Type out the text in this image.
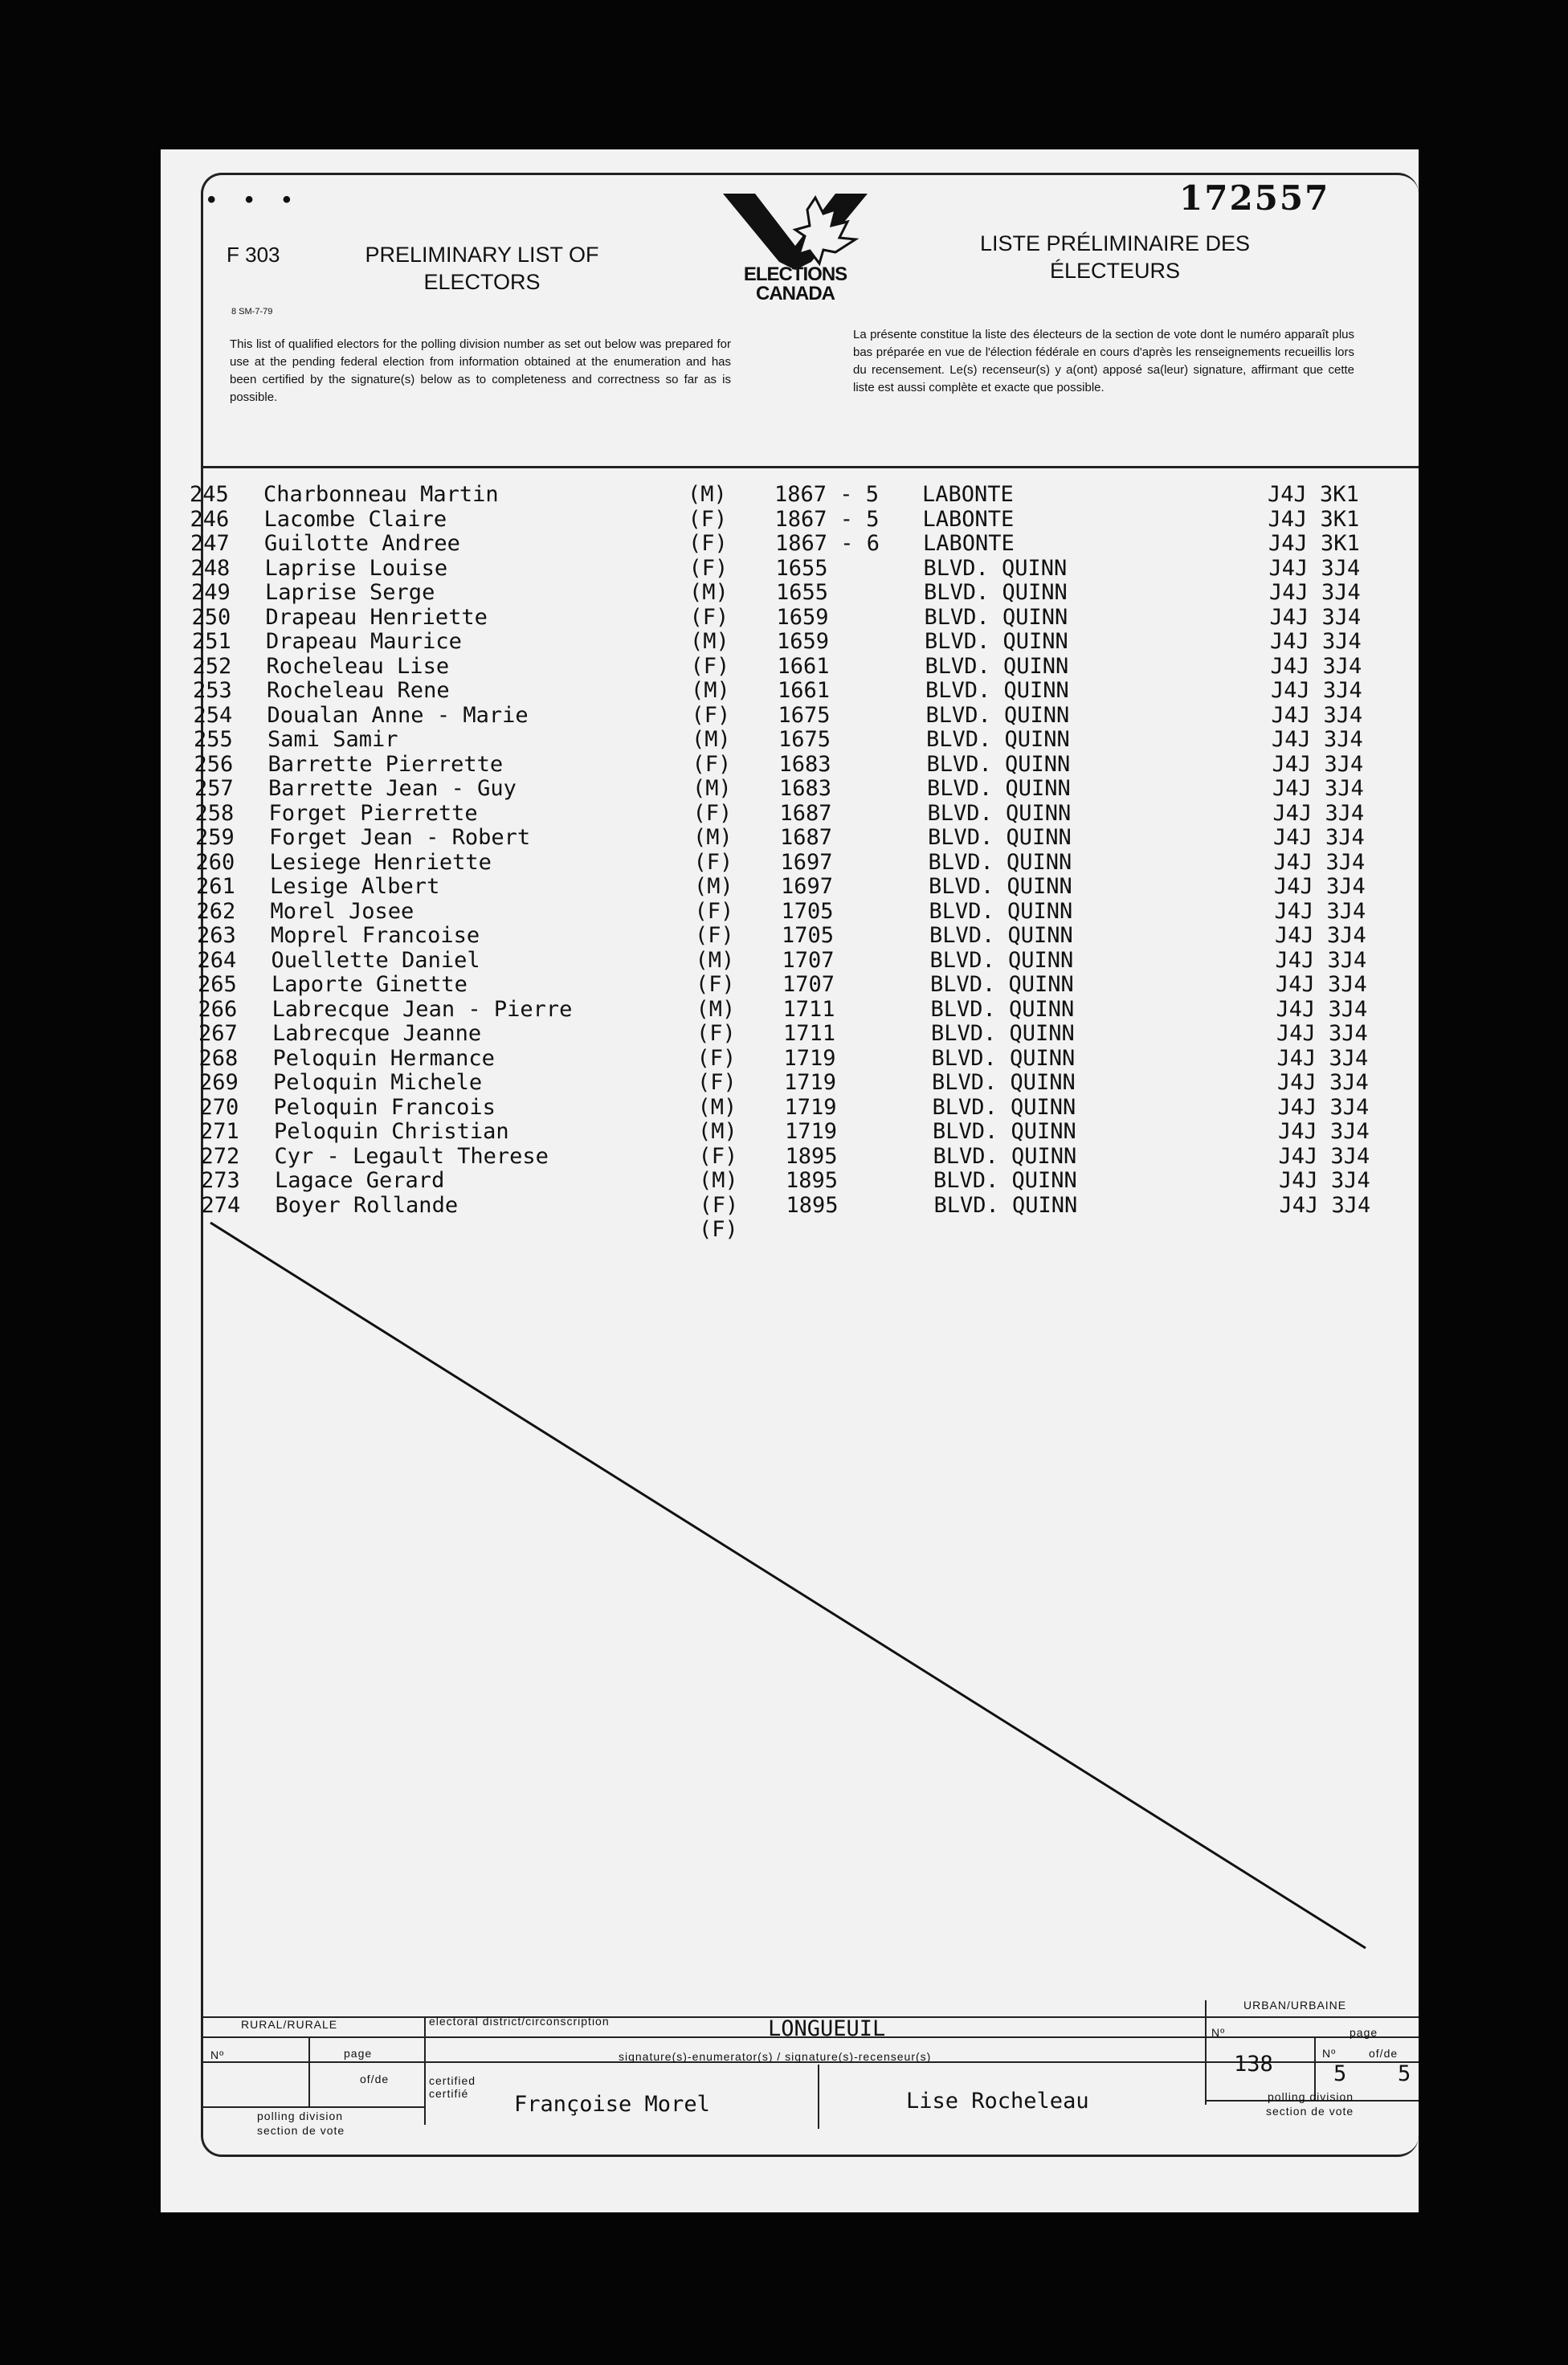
• • •	172557
F 303
8 SM-7-79
PRELIMINARY LIST OF
ELECTORS
LISTE PRÉLIMINAIRE DES
ÉLECTEURS
ELECTIONS
CANADA
This list of qualified electors for the polling division number as set out below was prepared for use at the pending federal election from information obtained at the enumeration and has been certified by the signature(s) below as to completeness and correctness so far as is possible.
La présente constitue la liste des électeurs de la section de vote dont le numéro apparaît plus bas préparée en vue de l'élection fédérale en cours d'après les renseignements recueillis lors du recensement. Le(s) recenseur(s) y a(ont) apposé sa(leur) signature, affirmant que cette liste est aussi complète et exacte que possible.
245 Charbonneau Martin	(M) 1867 - 5 LABONTE	J4J 3K1
246 Lacombe Claire	(F) 1867 - 5 LABONTE	J4J 3K1
247 Guilotte Andree	(F) 1867 - 6 LABONTE	J4J 3K1
248 Laprise Louise	(F) 1655	BLVD. QUINN	J4J 3J4
249 Laprise Serge	(M) 1655	BLVD. QUINN	J4J 3J4
250 Drapeau Henriette	(F) 1659	BLVD. QUINN	J4J 3J4
251 Drapeau Maurice	(M) 1659	BLVD. QUINN	J4J 3J4
252 Rocheleau Lise	(F) 1661	BLVD. QUINN	J4J 3J4
253 Rocheleau Rene	(M) 1661	BLVD. QUINN	J4J 3J4
254 Doualan Anne - Marie	(F) 1675	BLVD. QUINN	J4J 3J4
255 Sami Samir	(M) 1675	BLVD. QUINN	J4J 3J4
256 Barrette Pierrette	(F) 1683	BLVD. QUINN	J4J 3J4
257 Barrette Jean - Guy	(M) 1683	BLVD. QUINN	J4J 3J4
258 Forget Pierrette	(F) 1687	BLVD. QUINN	J4J 3J4
259 Forget Jean - Robert	(M) 1687	BLVD. QUINN	J4J 3J4
260 Lesiege Henriette	(F) 1697	BLVD. QUINN	J4J 3J4
261 Lesige Albert	(M) 1697	BLVD. QUINN	J4J 3J4
262 Morel Josee	(F) 1705	BLVD. QUINN	J4J 3J4
263 Moprel Francoise	(F) 1705	BLVD. QUINN	J4J 3J4
264 Ouellette Daniel	(M) 1707	BLVD. QUINN	J4J 3J4
265 Laporte Ginette	(F) 1707	BLVD. QUINN	J4J 3J4
266 Labrecque Jean - Pierre	(M) 1711	BLVD. QUINN	J4J 3J4
267 Labrecque Jeanne	(F) 1711	BLVD. QUINN	J4J 3J4
268 Peloquin Hermance	(F) 1719	BLVD. QUINN	J4J 3J4
269 Peloquin Michele	(F) 1719	BLVD. QUINN	J4J 3J4
270 Peloquin Francois	(M) 1719	BLVD. QUINN	J4J 3J4
271 Peloquin Christian	(M) 1719	BLVD. QUINN	J4J 3J4
272 Cyr - Legault Therese	(F) 1895	BLVD. QUINN	J4J 3J4
273 Lagace Gerard	(M) 1895	BLVD. QUINN	J4J 3J4
274 Boyer Rollande	(F) 1895	BLVD. QUINN	J4J 3J4
(F)
RURAL/RURALE
URBAN/URBAINE
electoral district/circonscription	LONGUEUIL
Nº	page
of/de	certified certifié
signature(s)-enumerator(s) / signature(s)-recenseur(s)
Françoise Morel	Lise Rocheleau
polling division
section de vote
polling division
section de vote
Nº	page
Nº	of/de
138	5 5
